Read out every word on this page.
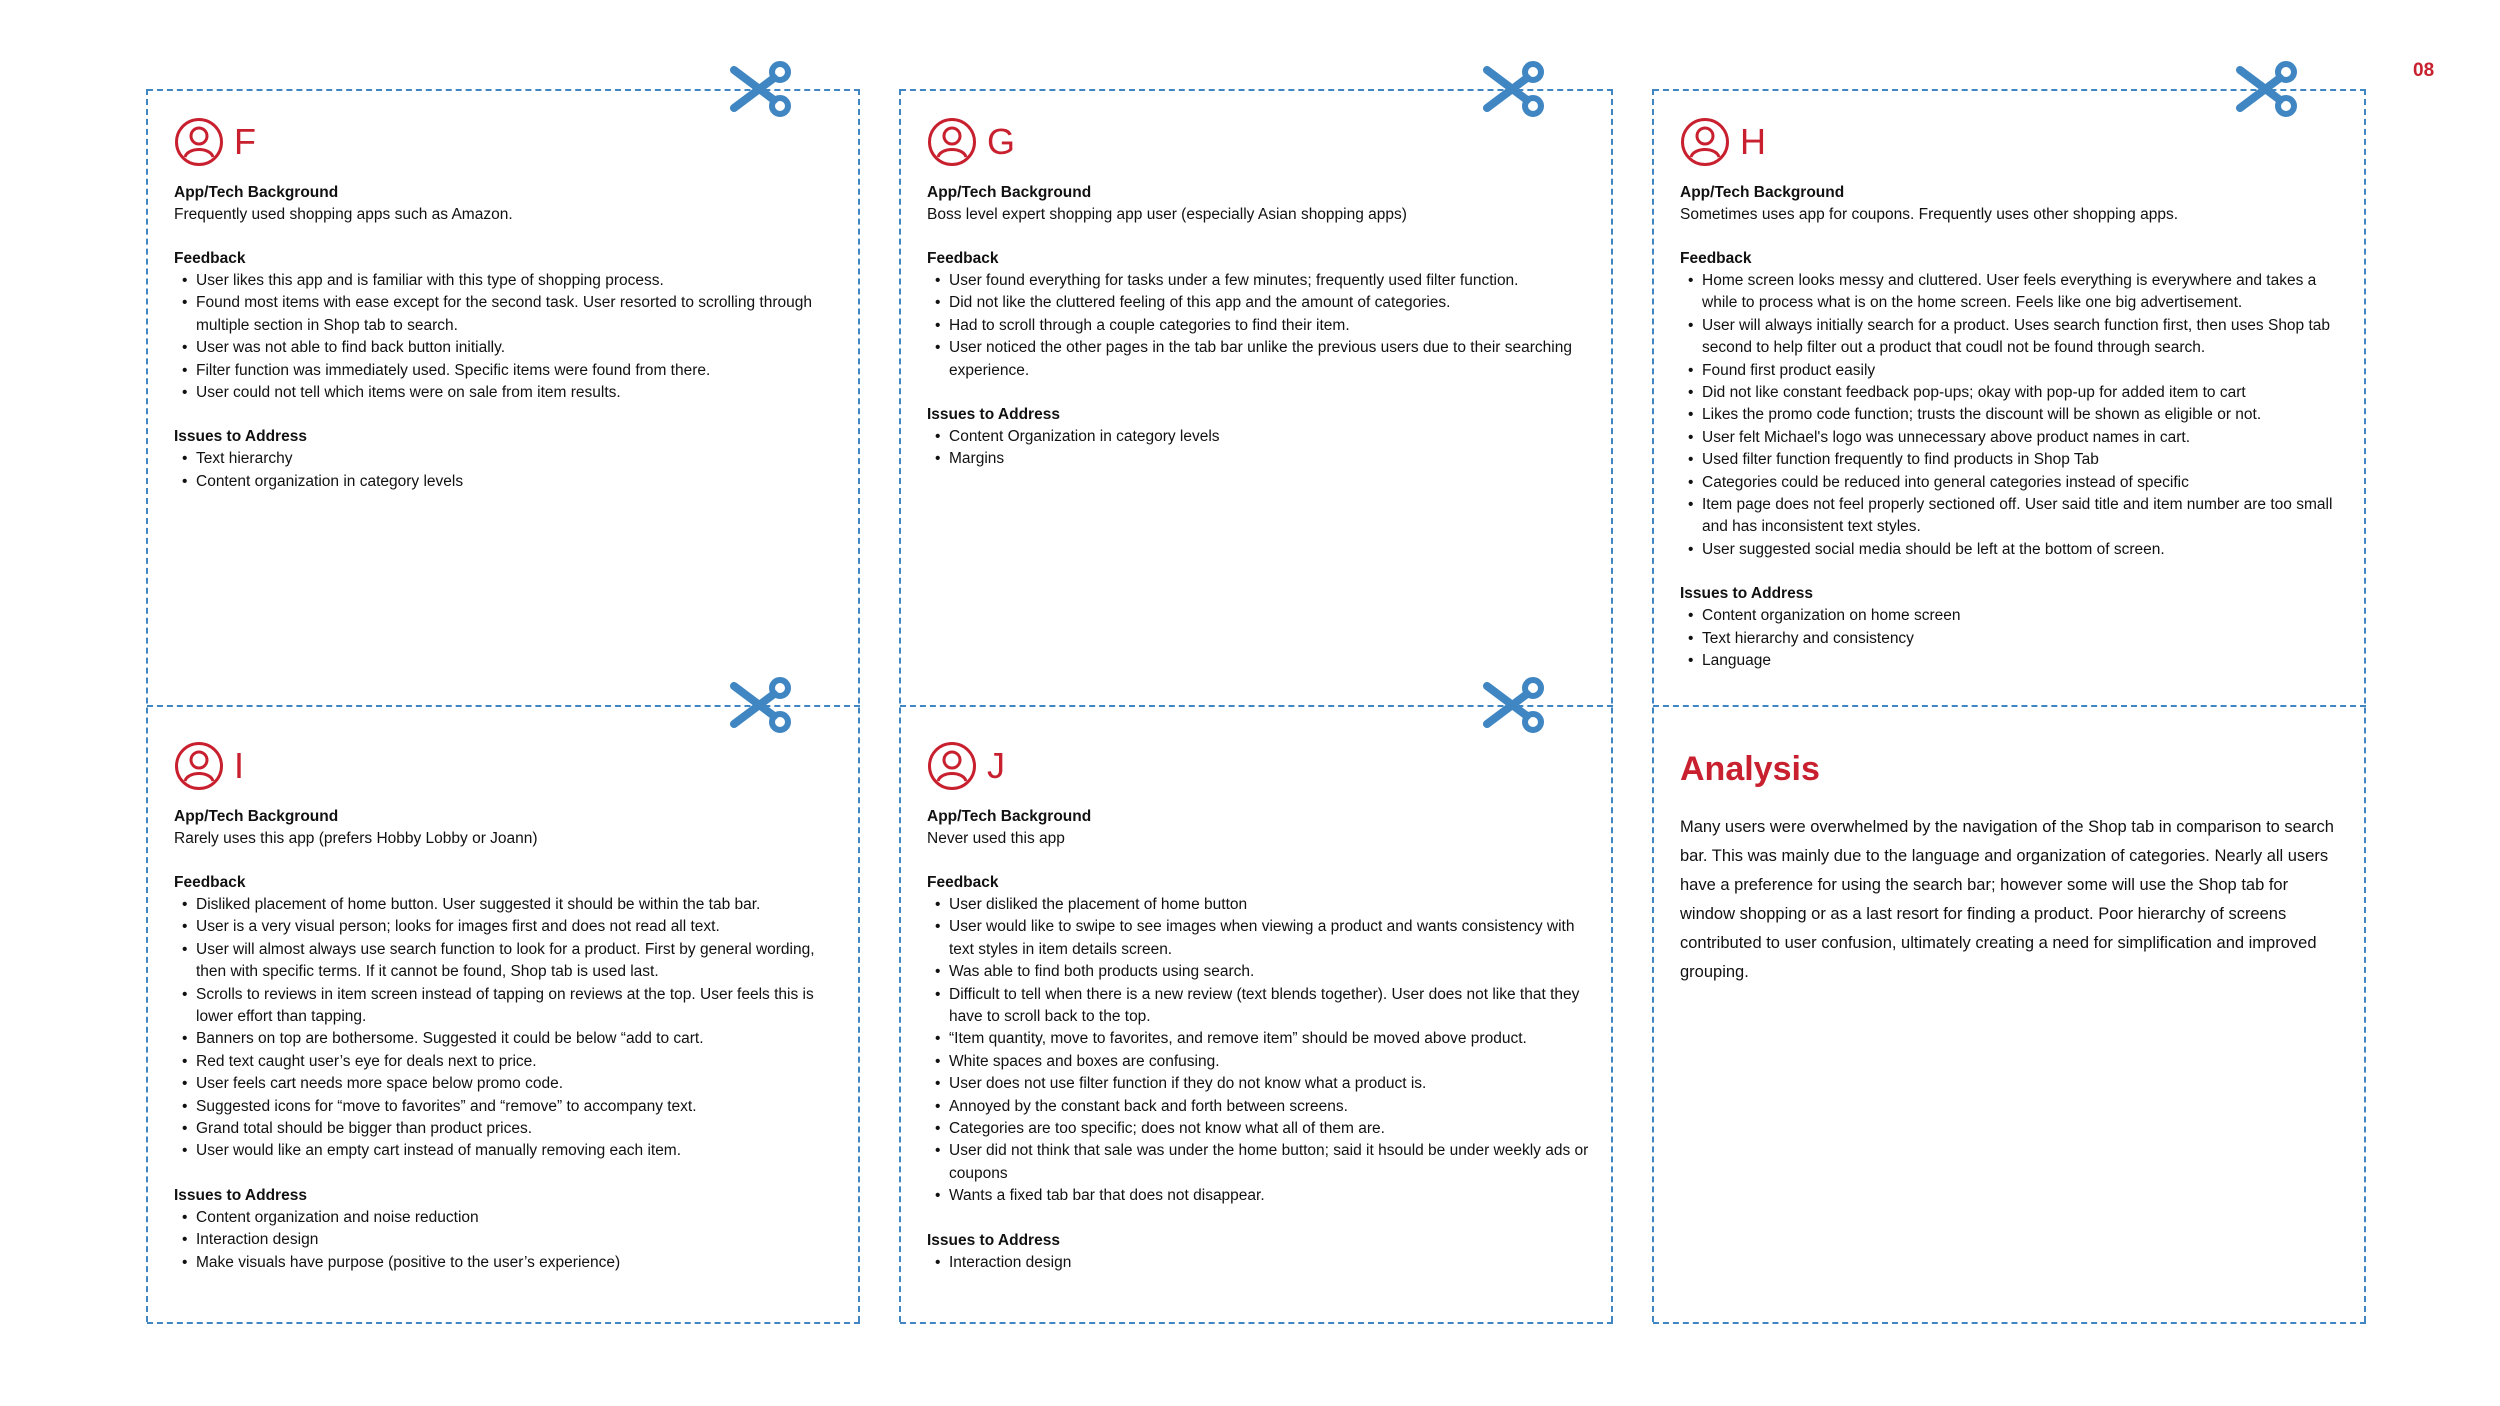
08
F
App/Tech Background
Frequently used shopping apps such as Amazon.
Feedback
• User likes this app and is familiar with this type of shopping process.
• Found most items with ease except for the second task. User resorted to scrolling through multiple section in Shop tab to search.
• User was not able to find back button initially.
• Filter function was immediately used. Specific items were found from there.
• User could not tell which items were on sale from item results.
Issues to Address
• Text hierarchy
• Content organization in category levels
G
App/Tech Background
Boss level expert shopping app user (especially Asian shopping apps)
Feedback
• User found everything for tasks under a few minutes; frequently used filter function.
• Did not like the cluttered feeling of this app and the amount of categories.
• Had to scroll through a couple categories to find their item.
• User noticed the other pages in the tab bar unlike the previous users due to their searching experience.
Issues to Address
• Content Organization in category levels
• Margins
H
App/Tech Background
Sometimes uses app for coupons. Frequently uses other shopping apps.
Feedback
• Home screen looks messy and cluttered. User feels everything is everywhere and takes a while to process what is on the home screen. Feels like one big advertisement.
• User will always initially search for a product. Uses search function first, then uses Shop tab second to help filter out a product that coudl not be found through search.
• Found first product easily
• Did not like constant feedback pop-ups; okay with pop-up for added item to cart
• Likes the promo code function; trusts the discount will be shown as eligible or not.
• User felt Michael's logo was unnecessary above product names in cart.
• Used filter function frequently to find products in Shop Tab
• Categories could be reduced into general categories instead of specific
• Item page does not feel properly sectioned off. User said title and item number are too small and has inconsistent text styles.
• User suggested social media should be left at the bottom of screen.
Issues to Address
• Content organization on home screen
• Text hierarchy and consistency
• Language
I
App/Tech Background
Rarely uses this app (prefers Hobby Lobby or Joann)
Feedback
• Disliked placement of home button. User suggested it should be within the tab bar.
• User is a very visual person; looks for images first and does not read all text.
• User will almost always use search function to look for a product. First by general wording, then with specific terms. If it cannot be found, Shop tab is used last.
• Scrolls to reviews in item screen instead of tapping on reviews at the top. User feels this is lower effort than tapping.
• Banners on top are bothersome. Suggested it could be below “add to cart.
• Red text caught user’s eye for deals next to price.
• User feels cart needs more space below promo code.
• Suggested icons for “move to favorites” and “remove” to accompany text.
• Grand total should be bigger than product prices.
• User would like an empty cart instead of manually removing each item.
Issues to Address
• Content organization and noise reduction
• Interaction design
• Make visuals have purpose (positive to the user’s experience)
J
App/Tech Background
Never used this app
Feedback
• User disliked the placement of home button
• User would like to swipe to see images when viewing a product and wants consistency with text styles in item details screen.
• Was able to find both products using search.
• Difficult to tell when there is a new review (text blends together). User does not like that they have to scroll back to the top.
• “Item quantity, move to favorites, and remove item” should be moved above product.
• White spaces and boxes are confusing.
• User does not use filter function if they do not know what a product is.
• Annoyed by the constant back and forth between screens.
• Categories are too specific; does not know what all of them are.
• User did not think that sale was under the home button; said it hsould be under weekly ads or coupons
• Wants a fixed tab bar that does not disappear.
Issues to Address
• Interaction design
Analysis
Many users were overwhelmed by the navigation of the Shop tab in comparison to search bar. This was mainly due to the language and organization of categories. Nearly all users have a preference for using the search bar; however some will use the Shop tab for window shopping or as a last resort for finding a product. Poor hierarchy of screens contributed to user confusion, ultimately creating a need for simplification and improved grouping.
